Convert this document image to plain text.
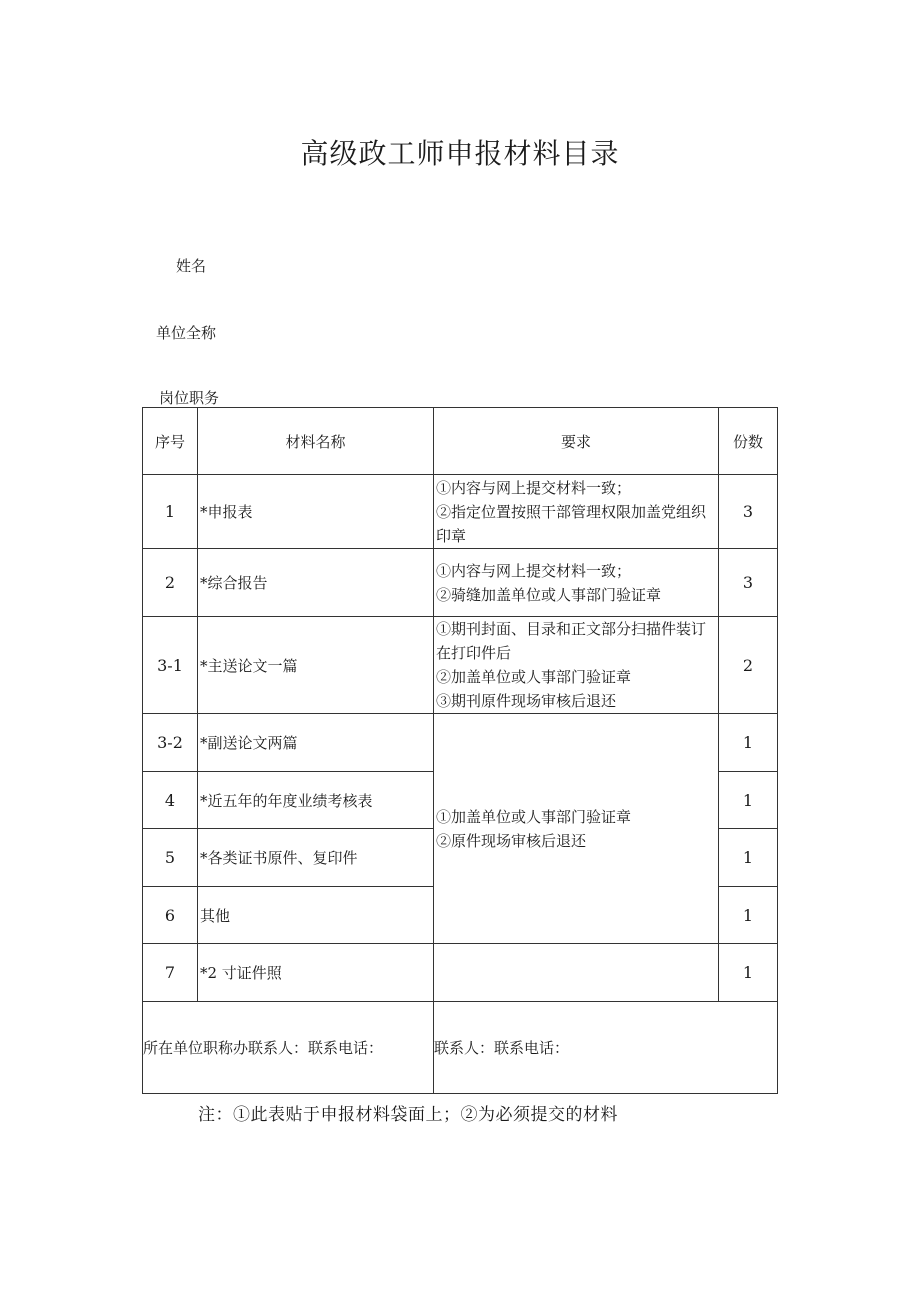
高级政工师申报材料目录
姓名
单位全称
岗位职务
序号	材料名称	要求	份数
1	*申报表	①内容与网上提交材料一致；
②指定位置按照干部管理权限加盖党组织印章	3
2	*综合报告	①内容与网上提交材料一致；
②骑缝加盖单位或人事部门验证章	3
3-1	*主送论文一篇	①期刊封面、目录和正文部分扫描件装订在打印件后
②加盖单位或人事部门验证章
③期刊原件现场审核后退还	2
3-2	*副送论文两篇	①加盖单位或人事部门验证章
②原件现场审核后退还	1
4	*近五年的年度业绩考核表		1
5	*各类证书原件、复印件		1
6	其他		1
7	*2 寸证件照		1
所在单位职称办联系人：联系电话：		联系人：联系电话：	
注：①此表贴于申报材料袋面上；②为必须提交的材料
